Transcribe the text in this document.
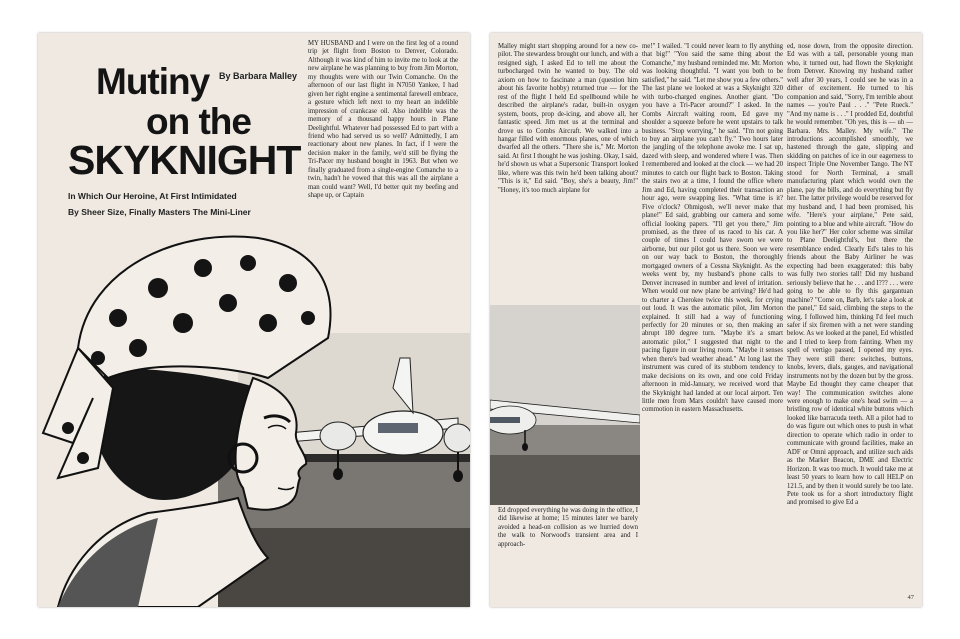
Mutiny By Barbara Malley
on the
SKYKNIGHT
In Which Our Heroine, At First Intimidated
By Sheer Size, Finally Masters The Mini-Liner
MY HUSBAND and I were on the first leg of a round trip jet flight from Boston to Denver, Colorado. Although it was kind of him to invite me to look at the new airplane he was planning to buy from Jim Morton, my thoughts were with our Twin Comanche. On the afternoon of our last flight in N7050 Yankee, I had given her right engine a sentimental farewell embrace, a gesture which left next to my heart an indelible impression of crankcase oil. Also indelible was the memory of a thousand happy hours in Plane Deelightful. Whatever had possessed Ed to part with a friend who had served us so well? Admittedly, I am reactionary about new planes. In fact, if I were the decision maker in the family, we'd still be flying the Tri-Pacer my husband bought in 1963. But when we finally graduated from a single-engine Comanche to a twin, hadn't he vowed that this was all the airplane a man could want? Well, I'd better quit my beefing and shape up, or Captain
Malley might start shopping around for a new co-pilot. The stewardess brought our lunch, and with a resigned sigh, I asked Ed to tell me about the turbocharged twin he wanted to buy. The old axiom on how to fascinate a man (question him about his favorite hobby) returned true — for the rest of the flight I held Ed spellbound while he described the airplane's radar, built-in oxygen system, boots, prop de-icing, and above all, her fantastic speed. Jim met us at the terminal and drove us to Combs Aircraft. We walked into a hangar filled with enormous planes, one of which dwarfed all the others. "There she is," Mr. Morton said. At first I thought he was joshing. Okay, I said, he'd shown us what a Supersonic Transport looked like, where was this twin he'd been talking about? "This is it," Ed said. "Boy, she's a beauty, Jim!" "Honey, it's too much airplane for
Ed dropped everything he was doing in the office, I did likewise at home; 15 minutes later we barely avoided a head-on collision as we hurried down the walk to Norwood's transient area and I approach-
me!" I wailed. "I could never learn to fly anything that big!" "You said the same thing about the Comanche," my husband reminded me. Mr. Morton was looking thoughtful. "I want you both to be satisfied," he said. "Let me show you a few others." The last plane we looked at was a Skyknight 320 with turbo-charged engines. Another giant. "Do you have a Tri-Pacer around?" I asked. In the Combs Aircraft waiting room, Ed gave my shoulder a squeeze before he went upstairs to talk business. "Stop worrying," he said. "I'm not going to buy an airplane you can't fly." Two hours later the jangling of the telephone awoke me. I sat up, dazed with sleep, and wondered where I was. Then I remembered and looked at the clock — we had 20 minutes to catch our flight back to Boston. Taking the stairs two at a time, I found the office where Jim and Ed, having completed their transaction an hour ago, were swapping lies. "What time is it? Five o'clock? Ohmigosh, we'll never make that plane!" Ed said, grabbing our camera and some official looking papers. "I'll get you there," Jim promised, as the three of us raced to his car. A couple of times I could have sworn we were airborne, but our pilot got us there. Soon we were on our way back to Boston, the thoroughly mortgaged owners of a Cessna Skyknight. As the weeks went by, my husband's phone calls to Denver increased in number and level of irritation. When would our new plane be arriving? He'd had to charter a Cherokee twice this week, for crying out loud. It was the automatic pilot, Jim Morton explained. It still had a way of functioning perfectly for 20 minutes or so, then making an abrupt 180 degree turn. "Maybe it's a smart automatic pilot," I suggested that night to the pacing figure in our living room. "Maybe it senses when there's bad weather ahead." At long last the instrument was cured of its stubborn tendency to make decisions on its own, and one cold Friday afternoon in mid-January, we received word that the Skyknight had landed at our local airport. Ten little men from Mars couldn't have caused more commotion in eastern Massachusetts.
ed, nose down, from the opposite direction. Ed was with a tall, personable young man who, it turned out, had flown the Skyknight from Denver. Knowing my husband rather well after 30 years, I could see he was in a dither of excitement. He turned to his companion and said, "Sorry, I'm terrible about names — you're Paul . . ." "Pete Rueck." "And my name is . . ." I prodded Ed, doubtful he would remember. "Oh yes, this is — uh — Barbara. Mrs. Malley. My wife." The introductions accomplished smoothly, we hastened through the gate, slipping and skidding on patches of ice in our eagerness to inspect Triple One November Tango. The NT stood for North Terminal, a small manufacturing plant which would own the plane, pay the bills, and do everything but fly her. The latter privilege would be reserved for my husband and, I had been promised, his wife. "Here's your airplane," Pete said, pointing to a blue and white aircraft. "How do you like her?" Her color scheme was similar to Plane Deelightful's, but there the resemblance ended. Clearly Ed's tales to his friends about the Baby Airliner he was expecting had been exaggerated: this baby was fully two stories tall! Did my husband seriously believe that he . . . and I??? . . . were going to be able to fly this gargantuan machine? "Come on, Barb, let's take a look at the panel," Ed said, climbing the steps to the wing. I followed him, thinking I'd feel much safer if six firemen with a net were standing below. As we looked at the panel, Ed whistled and I tried to keep from fainting. When my spell of vertigo passed, I opened my eyes. They were still there: switches, buttons, knobs, levers, dials, gauges, and navigational instruments not by the dozen but by the gross. Maybe Ed thought they came cheaper that way! The communication switches alone were enough to make one's head swim — a bristling row of identical white buttons which looked like barracuda teeth. All a pilot had to do was figure out which ones to push in what direction to operate which radio in order to communicate with ground facilities, make an ADF or Omni approach, and utilize such aids as the Marker Beacon, DME and Electric Horizon. It was too much. It would take me at least 50 years to learn how to call HELP on 121.5, and by then it would surely be too late. Pete took us for a short introductory flight and promised to give Ed a
47
